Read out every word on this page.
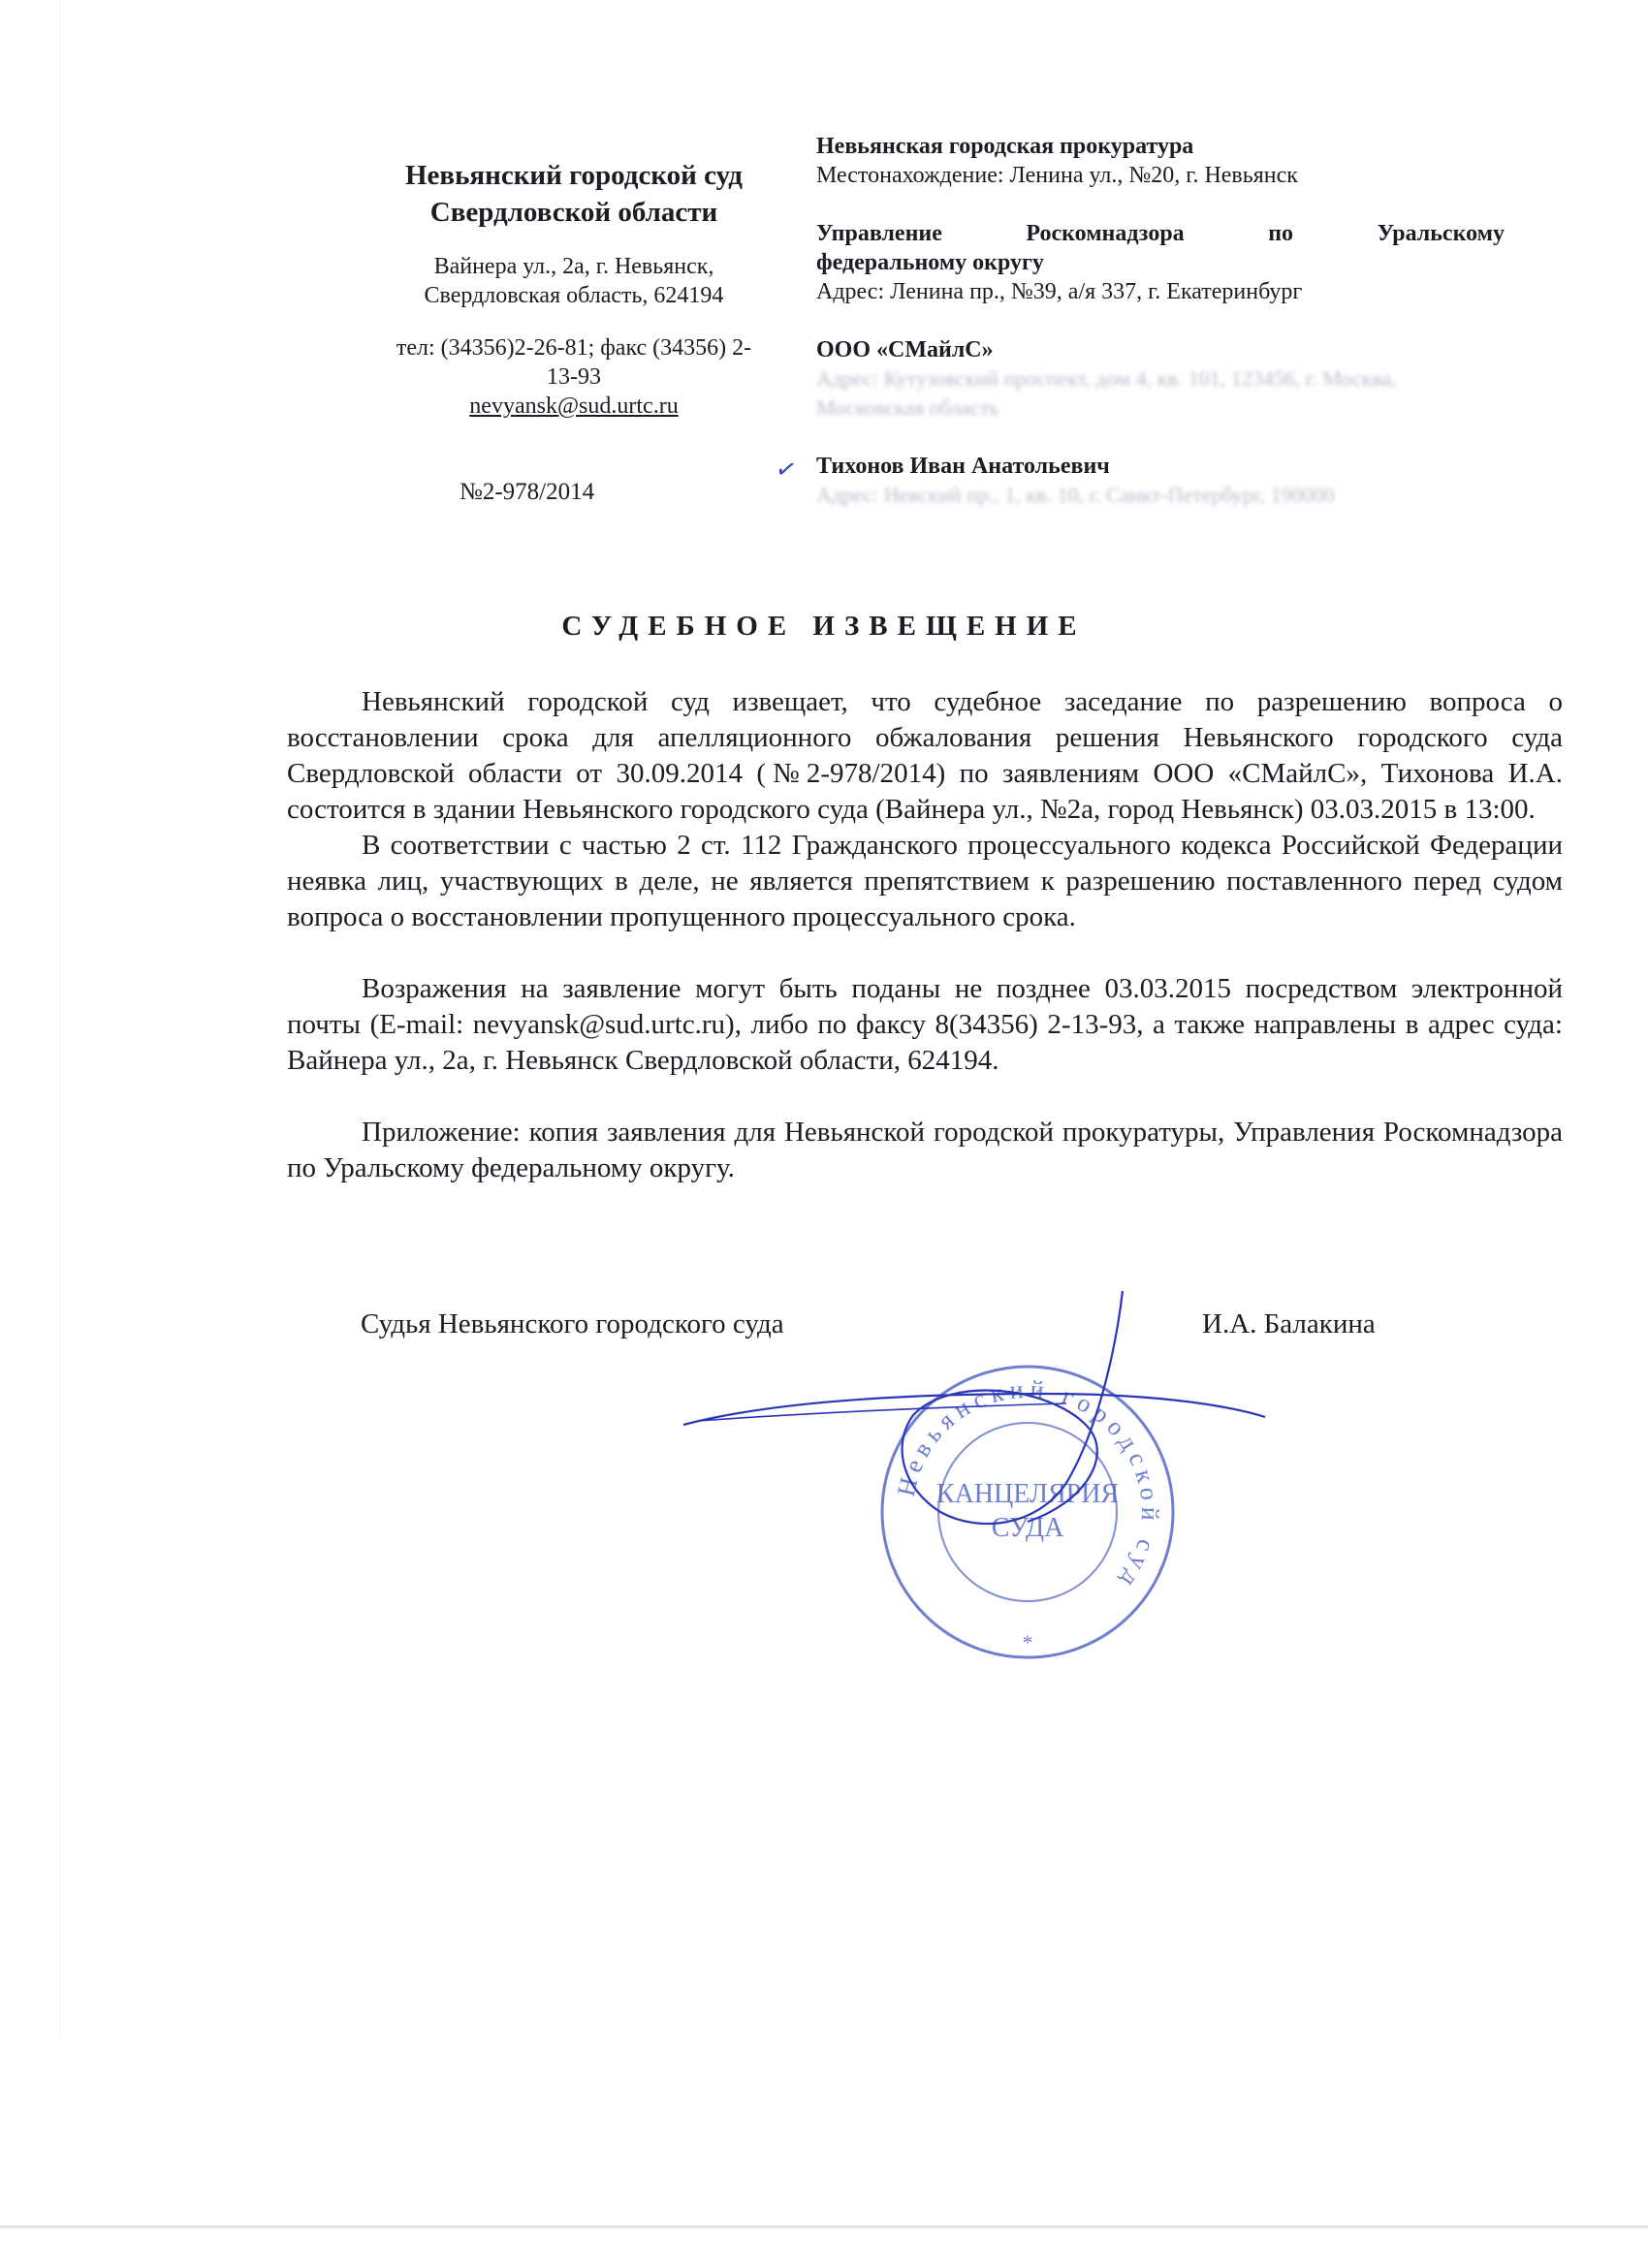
Невьянский городской суд
Свердловской области
Вайнера ул., 2а, г. Невьянск,
Свердловская область, 624194
тел: (34356)2-26-81; факс (34356) 2-
13-93
nevyansk@sud.urtc.ru
№2-978/2014
Невьянская городская прокуратура
Местонахождение: Ленина ул., №20, г. Невьянск
Управление Роскомнадзора по Уральскому
федеральному округу
Адрес: Ленина пр., №39, а/я 337, г. Екатеринбург
ООО «СМайлС»
Адрес: Кутузовский проспект, дом 4, кв. 101, 123456, г. Москва, Московская область
Тихонов Иван Анатольевич
Адрес: Невский пр., 1, кв. 10, г. Санкт-Петербург, 190000
✓
СУДЕБНОЕ ИЗВЕЩЕНИЕ

Невьянский городской суд извещает, что судебное заседание по разрешению вопроса о восстановлении срока для апелляционного обжалования решения Невьянского городского суда Свердловской области от 30.09.2014 (№2-978/2014) по заявлениям ООО «СМайлС», Тихонова И.А. состоится в здании Невьянского городского суда (Вайнера ул., №2а, город Невьянск) 03.03.2015 в 13:00.

В соответствии с частью 2 ст. 112 Гражданского процессуального кодекса Российской Федерации неявка лиц, участвующих в деле, не является препятствием к разрешению поставленного перед судом вопроса о восстановлении пропущенного процессуального срока.

Возражения на заявление могут быть поданы не позднее 03.03.2015 посредством электронной почты (E-mail: nevyansk@sud.urtc.ru), либо по факсу 8(34356) 2-13-93, а также направлены в адрес суда: Вайнера ул., 2а, г. Невьянск Свердловской области, 624194.

Приложение: копия заявления для Невьянской городской прокуратуры, Управления Роскомнадзора по Уральскому федеральному округу.

Судья Невьянского городского суда	И.А. Балакина
Невьянский городской суд
КАНЦЕЛЯРИЯ
СУДА
*
